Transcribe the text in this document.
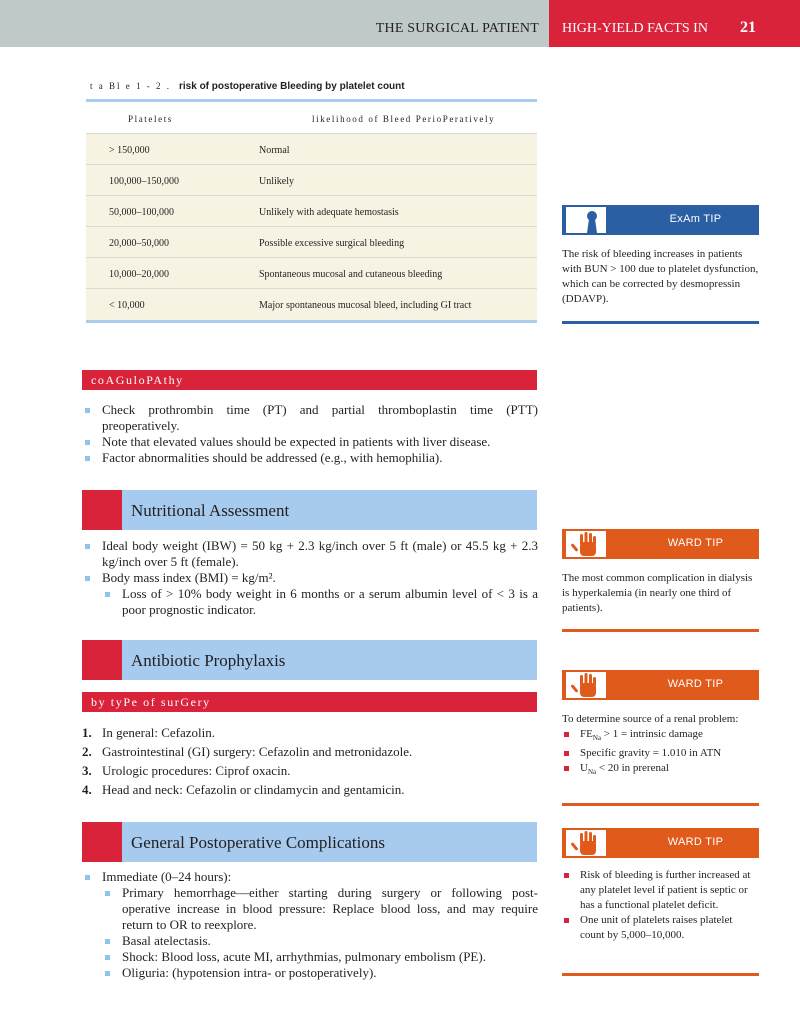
THE SURGICAL PATIENT HIGH-YIELD FACTS IN 21
t a Bl e 1 - 2 . risk of postoperative Bleeding by platelet count
Platelets	likelihood of Bleed PerioPeratively
> 150,000	Normal
100,000–150,000	Unlikely
50,000–100,000	Unlikely with adequate hemostasis
20,000–50,000	Possible excessive surgical bleeding
10,000–20,000	Spontaneous mucosal and cutaneous bleeding
< 10,000	Major spontaneous mucosal bleed, including GI tract
ExAm TIP
The risk of bleeding increases in patients with BUN > 100 due to platelet dysfunction, which can be corrected by desmopressin (DDAVP).
coAGuloPAthy
Check prothrombin time (PT) and partial thromboplastin time (PTT) preoperatively.
Note that elevated values should be expected in patients with liver disease.
Factor abnormalities should be addressed (e.g., with hemophilia).
Nutritional Assessment
Ideal body weight (IBW) = 50 kg + 2.3 kg/inch over 5 ft (male) or 45.5 kg + 2.3 kg/inch over 5 ft (female).
Body mass index (BMI) = kg/m².
Loss of > 10% body weight in 6 months or a serum albumin level of < 3 is a poor prognostic indicator.
WARD TIP
The most common complication in dialysis is hyperkalemia (in nearly one third of patients).
Antibiotic Prophylaxis
by tyPe of surGery
1. In general: Cefazolin.
2. Gastrointestinal (GI) surgery: Cefazolin and metronidazole.
3. Urologic procedures: Ciprof oxacin.
4. Head and neck: Cefazolin or clindamycin and gentamicin.
WARD TIP
To determine source of a renal problem:
$FE_{Na} > 1$ = intrinsic damage
Specific gravity = 1.010 in ATN
$U_{Na} < 20$ in prerenal
General Postoperative Complications
Immediate (0–24 hours):
Primary hemorrhage—either starting during surgery or following post-operative increase in blood pressure: Replace blood loss, and may require return to OR to reexplore.
Basal atelectasis.
Shock: Blood loss, acute MI, arrhythmias, pulmonary embolism (PE).
Oliguria: (hypotension intra- or postoperatively).
WARD TIP
Risk of bleeding is further increased at any platelet level if patient is septic or has a functional platelet deficit.
One unit of platelets raises platelet count by 5,000–10,000.
